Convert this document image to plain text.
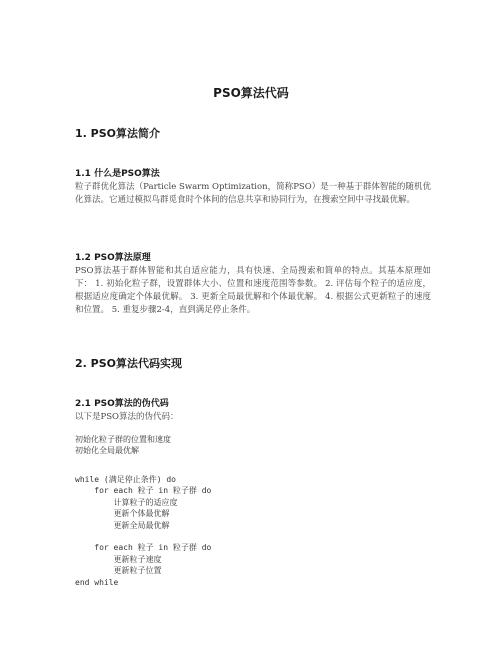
PSO算法代码
1. PSO算法简介
1.1 什么是PSO算法

粒子群优化算法（Particle Swarm Optimization，简称PSO）是一种基于群体智能的随机优化算法。它通过模拟鸟群觅食时个体间的信息共享和协同行为，在搜索空间中寻找最优解。

1.2 PSO算法原理

PSO算法基于群体智能和其自适应能力，具有快速、全局搜索和简单的特点。其基本原理如下： 1. 初始化粒子群，设置群体大小、位置和速度范围等参数。 2. 评估每个粒子的适应度，根据适应度确定个体最优解。 3. 更新全局最优解和个体最优解。 4. 根据公式更新粒子的速度和位置。 5. 重复步骤2-4，直到满足停止条件。

2. PSO算法代码实现
2.1 PSO算法的伪代码

以下是PSO算法的伪代码：

初始化粒子群的位置和速度
初始化全局最优解
while (满足停止条件) do
for each 粒子 in 粒子群 do
计算粒子的适应度
更新个体最优解
更新全局最优解

for each 粒子 in 粒子群 do
更新粒子速度
更新粒子位置
end while
